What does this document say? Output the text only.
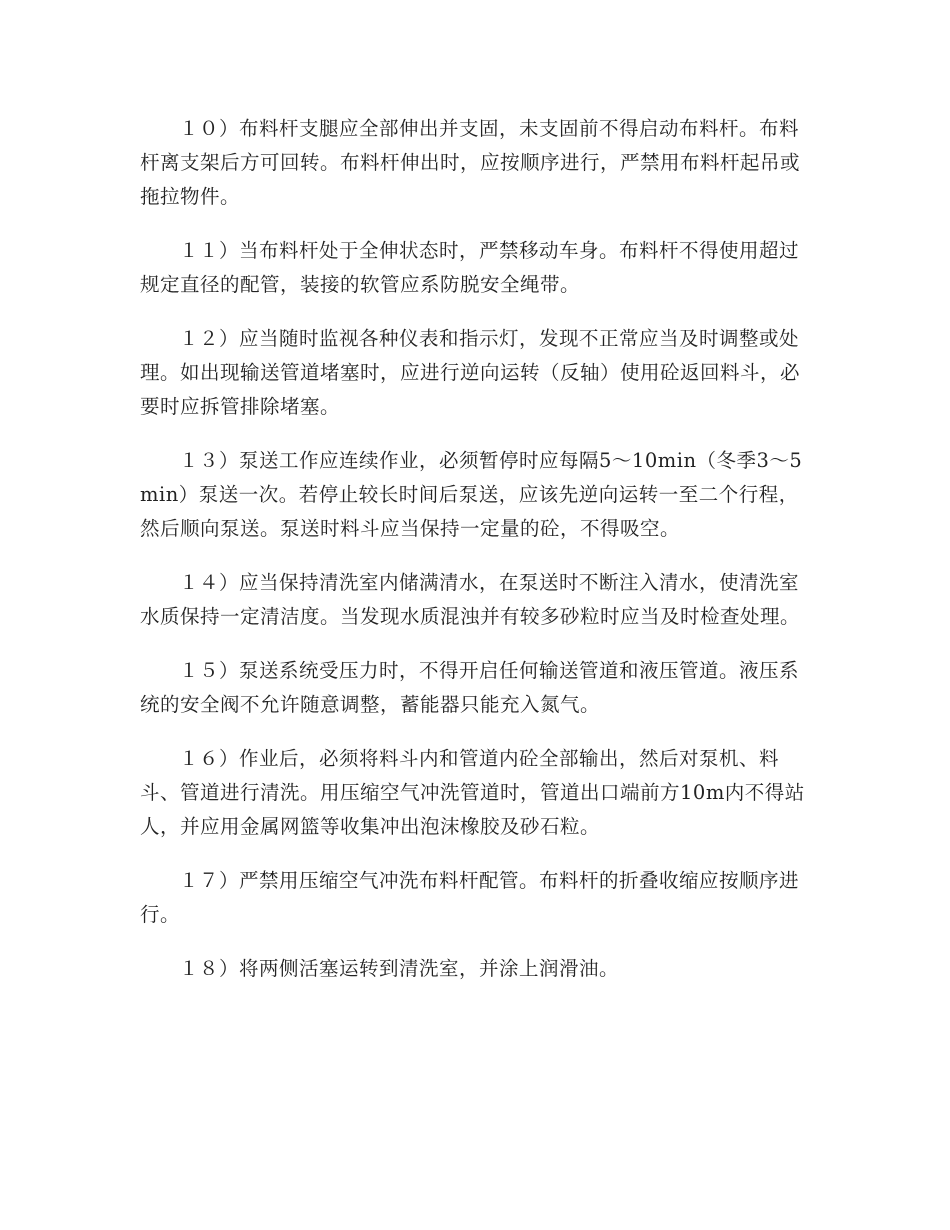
１０）布料杆支腿应全部伸出并支固，未支固前不得启动布料杆。布料杆离支架后方可回转。布料杆伸出时，应按顺序进行，严禁用布料杆起吊或拖拉物件。

１１）当布料杆处于全伸状态时，严禁移动车身。布料杆不得使用超过规定直径的配管，装接的软管应系防脱安全绳带。

１２）应当随时监视各种仪表和指示灯，发现不正常应当及时调整或处理。如出现输送管道堵塞时，应进行逆向运转（反轴）使用砼返回料斗，必要时应拆管排除堵塞。

１３）泵送工作应连续作业，必须暂停时应每隔5～10min（冬季3～5min）泵送一次。若停止较长时间后泵送，应该先逆向运转一至二个行程，然后顺向泵送。泵送时料斗应当保持一定量的砼，不得吸空。

１４）应当保持清洗室内储满清水，在泵送时不断注入清水，使清洗室水质保持一定清洁度。当发现水质混浊并有较多砂粒时应当及时检查处理。

１５）泵送系统受压力时，不得开启任何输送管道和液压管道。液压系统的安全阀不允许随意调整，蓄能器只能充入氮气。

１６）作业后，必须将料斗内和管道内砼全部输出，然后对泵机、料斗、管道进行清洗。用压缩空气冲洗管道时，管道出口端前方10m内不得站人，并应用金属网篮等收集冲出泡沫橡胶及砂石粒。

１７）严禁用压缩空气冲洗布料杆配管。布料杆的折叠收缩应按顺序进行。

１８）将两侧活塞运转到清洗室，并涂上润滑油。
